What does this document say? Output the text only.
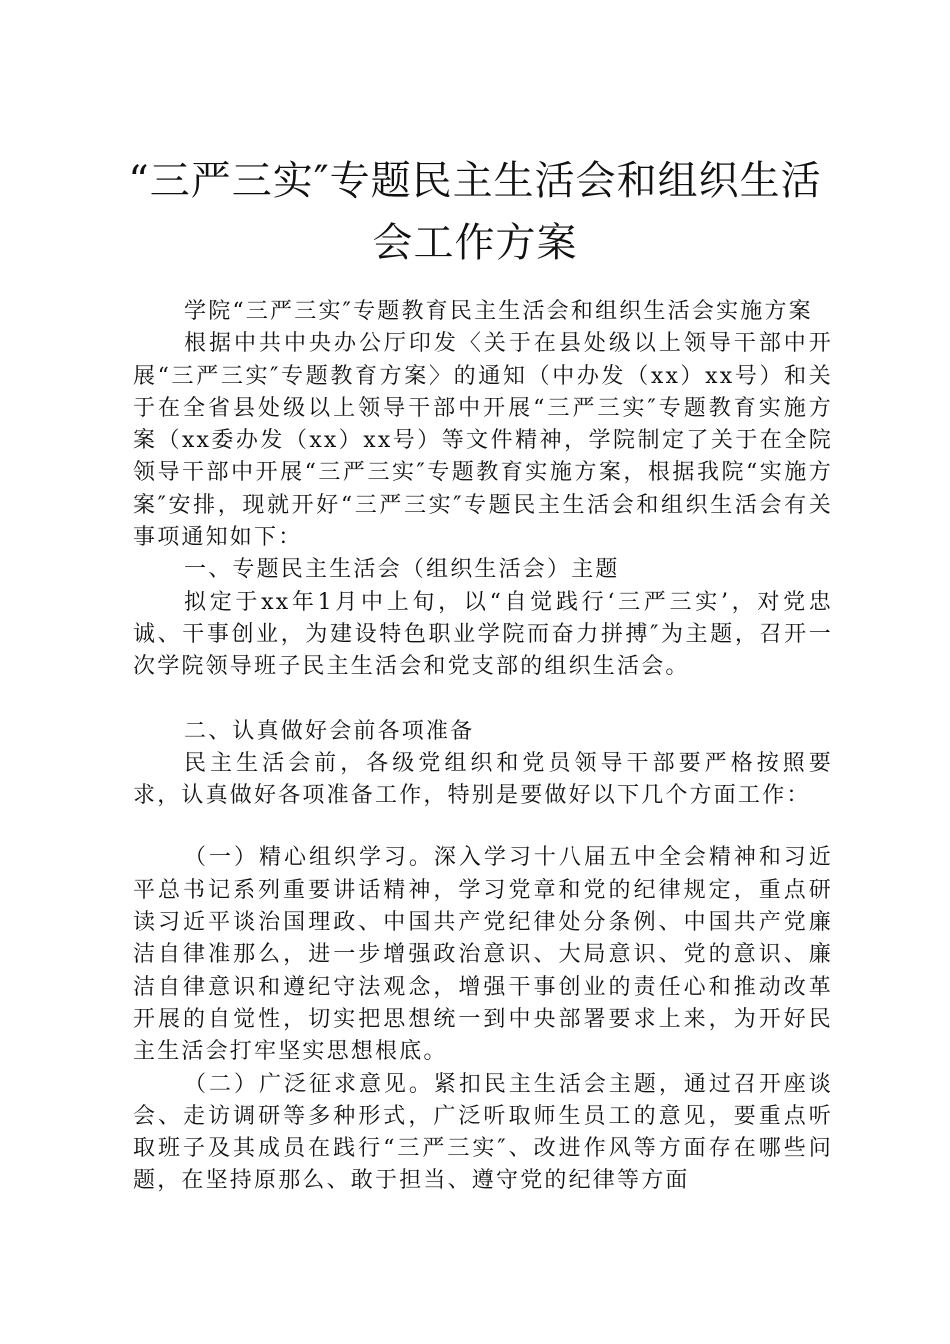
“三严三实″专题民主生活会和组织生活会工作方案

学院“三严三实″专题教育民主生活会和组织生活会实施方案

根据中共中央办公厅印发〈关于在县处级以上领导干部中开展“三严三实″专题教育方案〉的通知（中办发（xx）xx号）和关于在全省县处级以上领导干部中开展“三严三实″专题教育实施方案（xx委办发（xx）xx号）等文件精神，学院制定了关于在全院领导干部中开展“三严三实″专题教育实施方案，根据我院“实施方案″安排，现就开好“三严三实″专题民主生活会和组织生活会有关事项通知如下：

一、专题民主生活会（组织生活会）主题

拟定于xx年1月中上旬，以“自觉践行‘三严三实’，对党忠诚、干事创业，为建设特色职业学院而奋力拼搏″为主题，召开一次学院领导班子民主生活会和党支部的组织生活会。

二、认真做好会前各项准备

民主生活会前，各级党组织和党员领导干部要严格按照要求，认真做好各项准备工作，特别是要做好以下几个方面工作：

（一）精心组织学习。深入学习十八届五中全会精神和习近平总书记系列重要讲话精神，学习党章和党的纪律规定，重点研读习近平谈治国理政、中国共产党纪律处分条例、中国共产党廉洁自律准那么，进一步增强政治意识、大局意识、党的意识、廉洁自律意识和遵纪守法观念，增强干事创业的责任心和推动改革开展的自觉性，切实把思想统一到中央部署要求上来，为开好民主生活会打牢坚实思想根底。

（二）广泛征求意见。紧扣民主生活会主题，通过召开座谈会、走访调研等多种形式，广泛听取师生员工的意见，要重点听取班子及其成员在践行“三严三实″、改进作风等方面存在哪些问题，在坚持原那么、敢于担当、遵守党的纪律等方面
